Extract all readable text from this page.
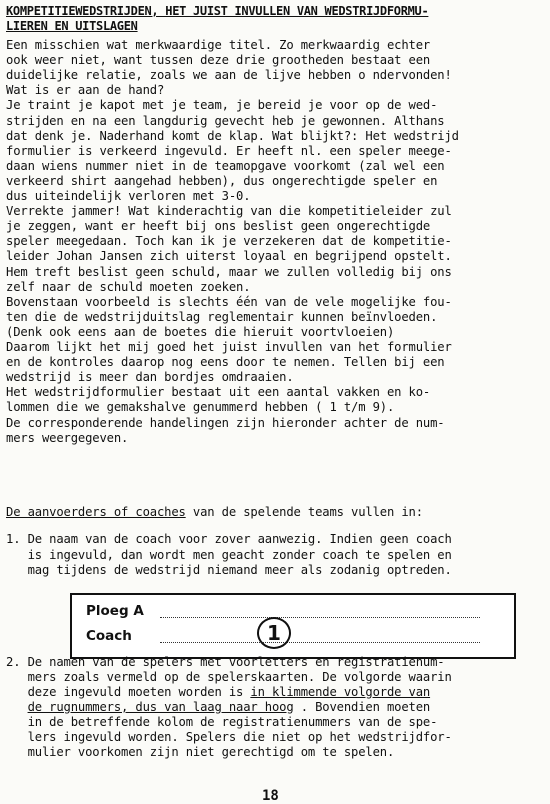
KOMPETITIEWEDSTRIJDEN, HET JUIST INVULLEN VAN WEDSTRIJDFORMU-
LIEREN EN UITSLAGEN
Een misschien wat merkwaardige titel. Zo merkwaardig echter
ook weer niet, want tussen deze drie grootheden bestaat een
duidelijke relatie, zoals we aan de lijve hebben o ndervonden!
Wat is er aan de hand?
Je traint je kapot met je team, je bereid je voor op de wed-
strijden en na een langdurig gevecht heb je gewonnen. Althans
dat denk je. Naderhand komt de klap. Wat blijkt?: Het wedstrijd
formulier is verkeerd ingevuld. Er heeft nl. een speler meege-
daan wiens nummer niet in de teamopgave voorkomt (zal wel een
verkeerd shirt aangehad hebben), dus ongerechtigde speler en
dus uiteindelijk verloren met 3-0.
Verrekte jammer! Wat kinderachtig van die kompetitieleider zul
je zeggen, want er heeft bij ons beslist geen ongerechtigde
speler meegedaan. Toch kan ik je verzekeren dat de kompetitie-
leider Johan Jansen zich uiterst loyaal en begrijpend opstelt.
Hem treft beslist geen schuld, maar we zullen volledig bij ons
zelf naar de schuld moeten zoeken.
Bovenstaan voorbeeld is slechts één van de vele mogelijke fou-
ten die de wedstrijduitslag reglementair kunnen beïnvloeden.
(Denk ook eens aan de boetes die hieruit voortvloeien)
Daarom lijkt het mij goed het juist invullen van het formulier
en de kontroles daarop nog eens door te nemen. Tellen bij een
wedstrijd is meer dan bordjes omdraaien.
Het wedstrijdformulier bestaat uit een aantal vakken en ko-
lommen die we gemakshalve genummerd hebben ( 1 t/m 9).
De corresponderende handelingen zijn hieronder achter de num-
mers weergegeven.
De aanvoerders of coaches van de spelende teams vullen in:
1. De naam van de coach voor zover aanwezig. Indien geen coach
is ingevuld, dan wordt men geacht zonder coach te spelen en
mag tijdens de wedstrijd niemand meer als zodanig optreden.
Ploeg A
Coach	1
2. De namen van de spelers met voorletters en registratienum-
mers zoals vermeld op de spelerskaarten. De volgorde waarin
deze ingevuld moeten worden is in klimmende volgorde van
de rugnummers, dus van laag naar hoog . Bovendien moeten
in de betreffende kolom de registratienummers van de spe-
lers ingevuld worden. Spelers die niet op het wedstrijdfor-
mulier voorkomen zijn niet gerechtigd om te spelen.
18
